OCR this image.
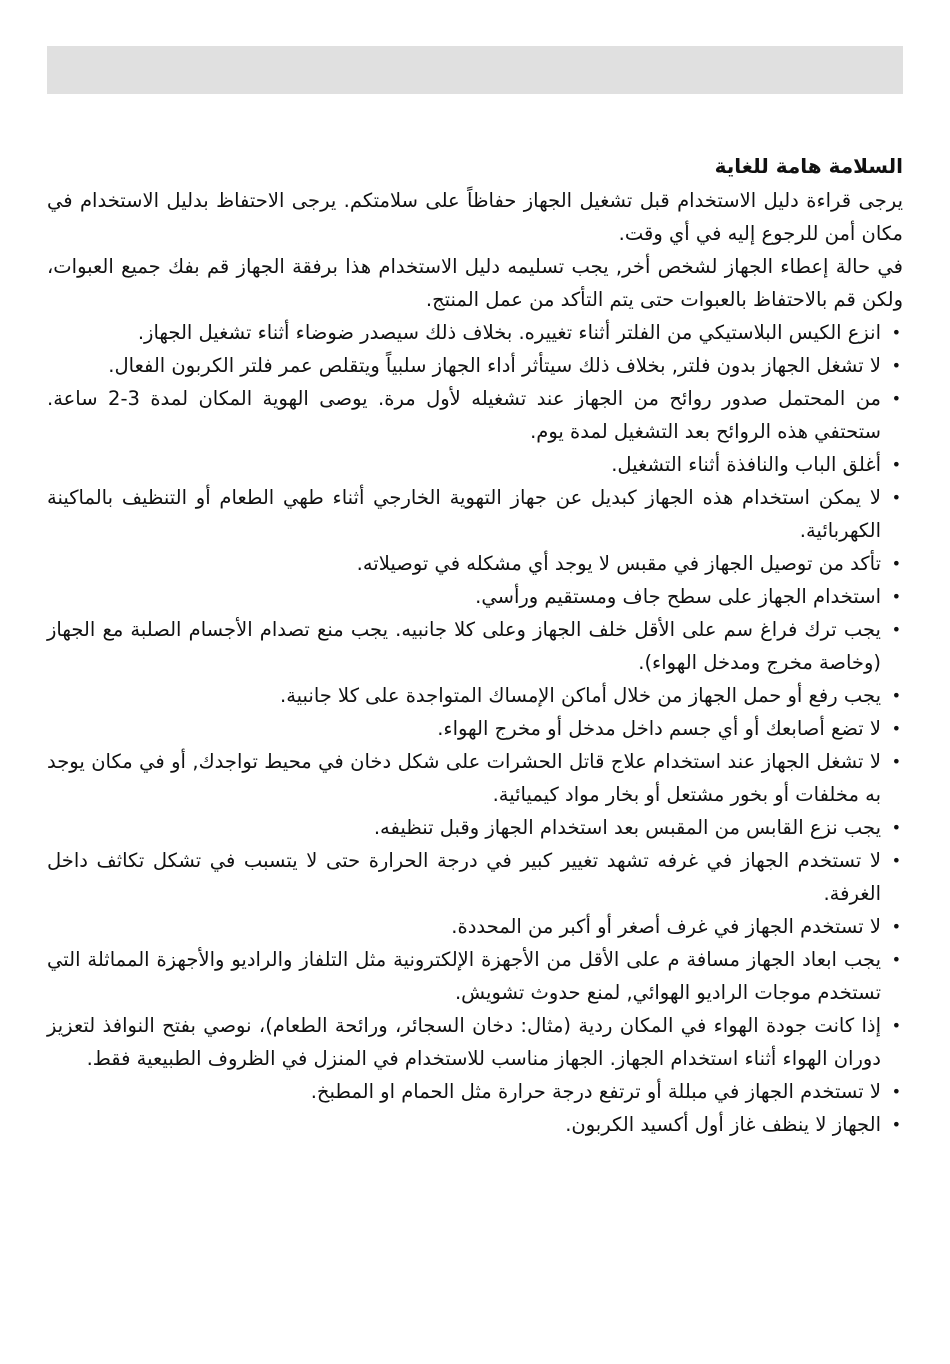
السلامة هامة للغاية

يرجى قراءة دليل الاستخدام قبل تشغيل الجهاز حفاظاً على سلامتكم. يرجى الاحتفاظ بدليل الاستخدام في مكان أمن للرجوع إليه في أي وقت.

في حالة إعطاء الجهاز لشخص أخر, يجب تسليمه دليل الاستخدام هذا برفقة الجهاز قم بفك جميع العبوات، ولكن قم بالاحتفاظ بالعبوات حتى يتم التأكد من عمل المنتج.

•
انزع الكيس البلاستيكي من الفلتر أثناء تغييره. بخلاف ذلك سيصدر ضوضاء أثناء تشغيل الجهاز.
•
لا تشغل الجهاز بدون فلتر, بخلاف ذلك سيتأثر أداء الجهاز سلبياً ويتقلص عمر فلتر الكربون الفعال.
•
من المحتمل صدور روائح من الجهاز عند تشغيله لأول مرة. يوصى الهوية المكان لمدة 3-2 ساعة. ستحتفي هذه الروائح بعد التشغيل لمدة يوم.
•
أغلق الباب والنافذة أثناء التشغيل.
•
لا يمكن استخدام هذه الجهاز كبديل عن جهاز التهوية الخارجي أثناء طهي الطعام أو التنظيف بالماكينة الكهربائية.
•
تأكد من توصيل الجهاز في مقبس لا يوجد أي مشكله في توصيلاته.
•
استخدام الجهاز على سطح جاف ومستقيم ورأسي.
•
يجب ترك فراغ سم على الأقل خلف الجهاز وعلى كلا جانبيه. يجب منع تصدام الأجسام الصلبة مع الجهاز (وخاصة مخرج ومدخل الهواء).
•
يجب رفع أو حمل الجهاز من خلال أماكن الإمساك المتواجدة على كلا جانبية.
•
لا تضع أصابعك أو أي جسم داخل مدخل أو مخرج الهواء.
•
لا تشغل الجهاز عند استخدام علاج قاتل الحشرات على شكل دخان في محيط تواجدك, أو في مكان يوجد به مخلفات أو بخور مشتعل أو بخار مواد كيميائية.
•
يجب نزع القابس من المقبس بعد استخدام الجهاز وقبل تنظيفه.
•
لا تستخدم الجهاز في غرفه تشهد تغيير كبير في درجة الحرارة حتى لا يتسبب في تشكل تكاثف داخل الغرفة.
•
لا تستخدم الجهاز في غرف أصغر أو أكبر من المحددة.
•
يجب ابعاد الجهاز مسافة م على الأقل من الأجهزة الإلكترونية مثل التلفاز والراديو والأجهزة المماثلة التي تستخدم موجات الراديو الهوائي, لمنع حدوث تشويش.
•
إذا كانت جودة الهواء في المكان ردية (مثال: دخان السجائر، ورائحة الطعام)، نوصي بفتح النوافذ لتعزيز دوران الهواء أثناء استخدام الجهاز. الجهاز مناسب للاستخدام في المنزل في الظروف الطبيعية فقط.
•
لا تستخدم الجهاز في مبللة أو ترتفع درجة حرارة مثل الحمام او المطبخ.
•
الجهاز لا ينظف غاز أول أكسيد الكربون.
